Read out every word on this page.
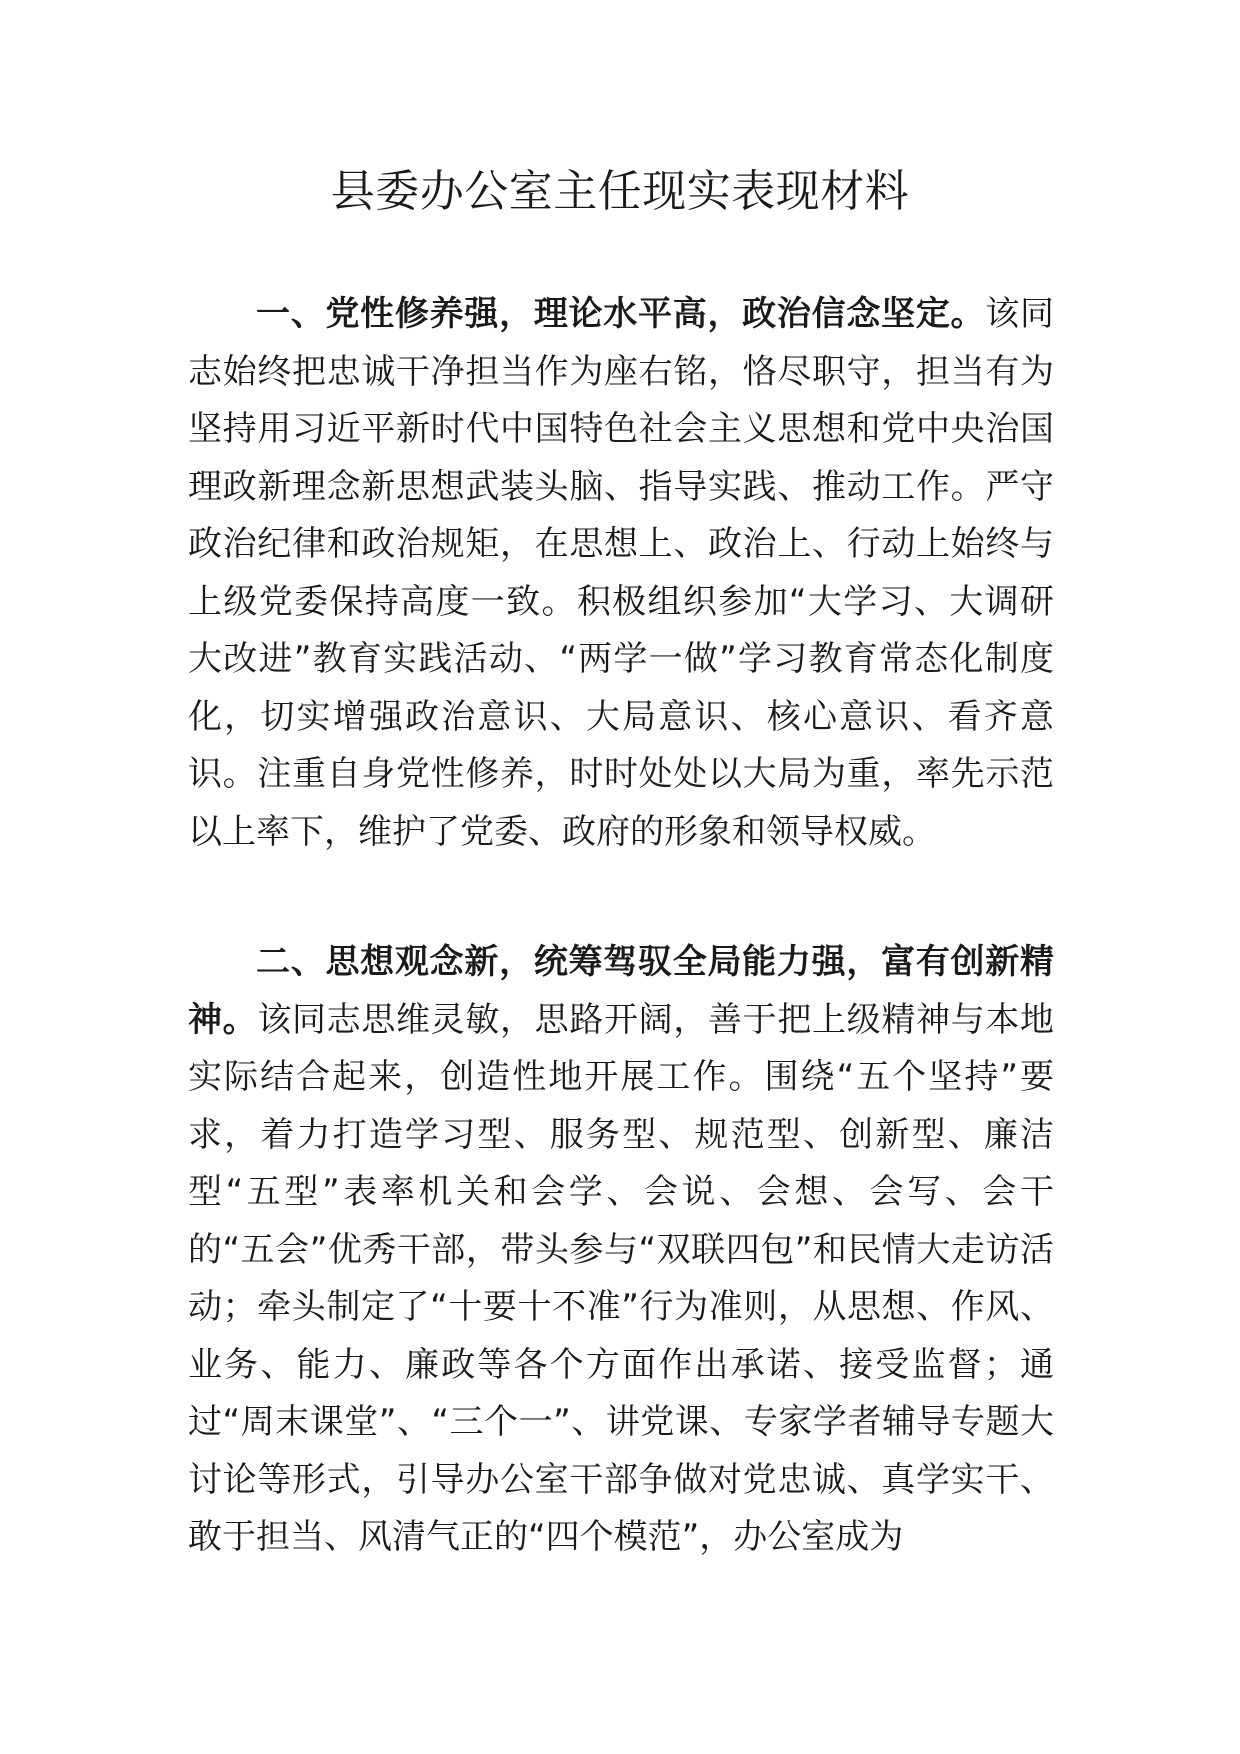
县委办公室主任现实表现材料

一、党性修养强，理论水平高，政治信念坚定。该同志始终把忠诚干净担当作为座右铭，恪尽职守，担当有为坚持用习近平新时代中国特色社会主义思想和党中央治国理政新理念新思想武装头脑、指导实践、推动工作。严守政治纪律和政治规矩，在思想上、政治上、行动上始终与上级党委保持高度一致。积极组织参加“大学习、大调研大改进”教育实践活动、“两学一做”学习教育常态化制度化，切实增强政治意识、大局意识、核心意识、看齐意识。注重自身党性修养，时时处处以大局为重，率先示范以上率下，维护了党委、政府的形象和领导权威。

二、思想观念新，统筹驾驭全局能力强，富有创新精神。该同志思维灵敏，思路开阔，善于把上级精神与本地实际结合起来，创造性地开展工作。围绕“五个坚持”要求，着力打造学习型、服务型、规范型、创新型、廉洁型“五型”表率机关和会学、会说、会想、会写、会干的“五会”优秀干部，带头参与“双联四包”和民情大走访活动；牵头制定了“十要十不准”行为准则，从思想、作风、业务、能力、廉政等各个方面作出承诺、接受监督；通过“周末课堂”、“三个一”、讲党课、专家学者辅导专题大讨论等形式，引导办公室干部争做对党忠诚、真学实干、敢于担当、风清气正的“四个模范”，办公室成为
